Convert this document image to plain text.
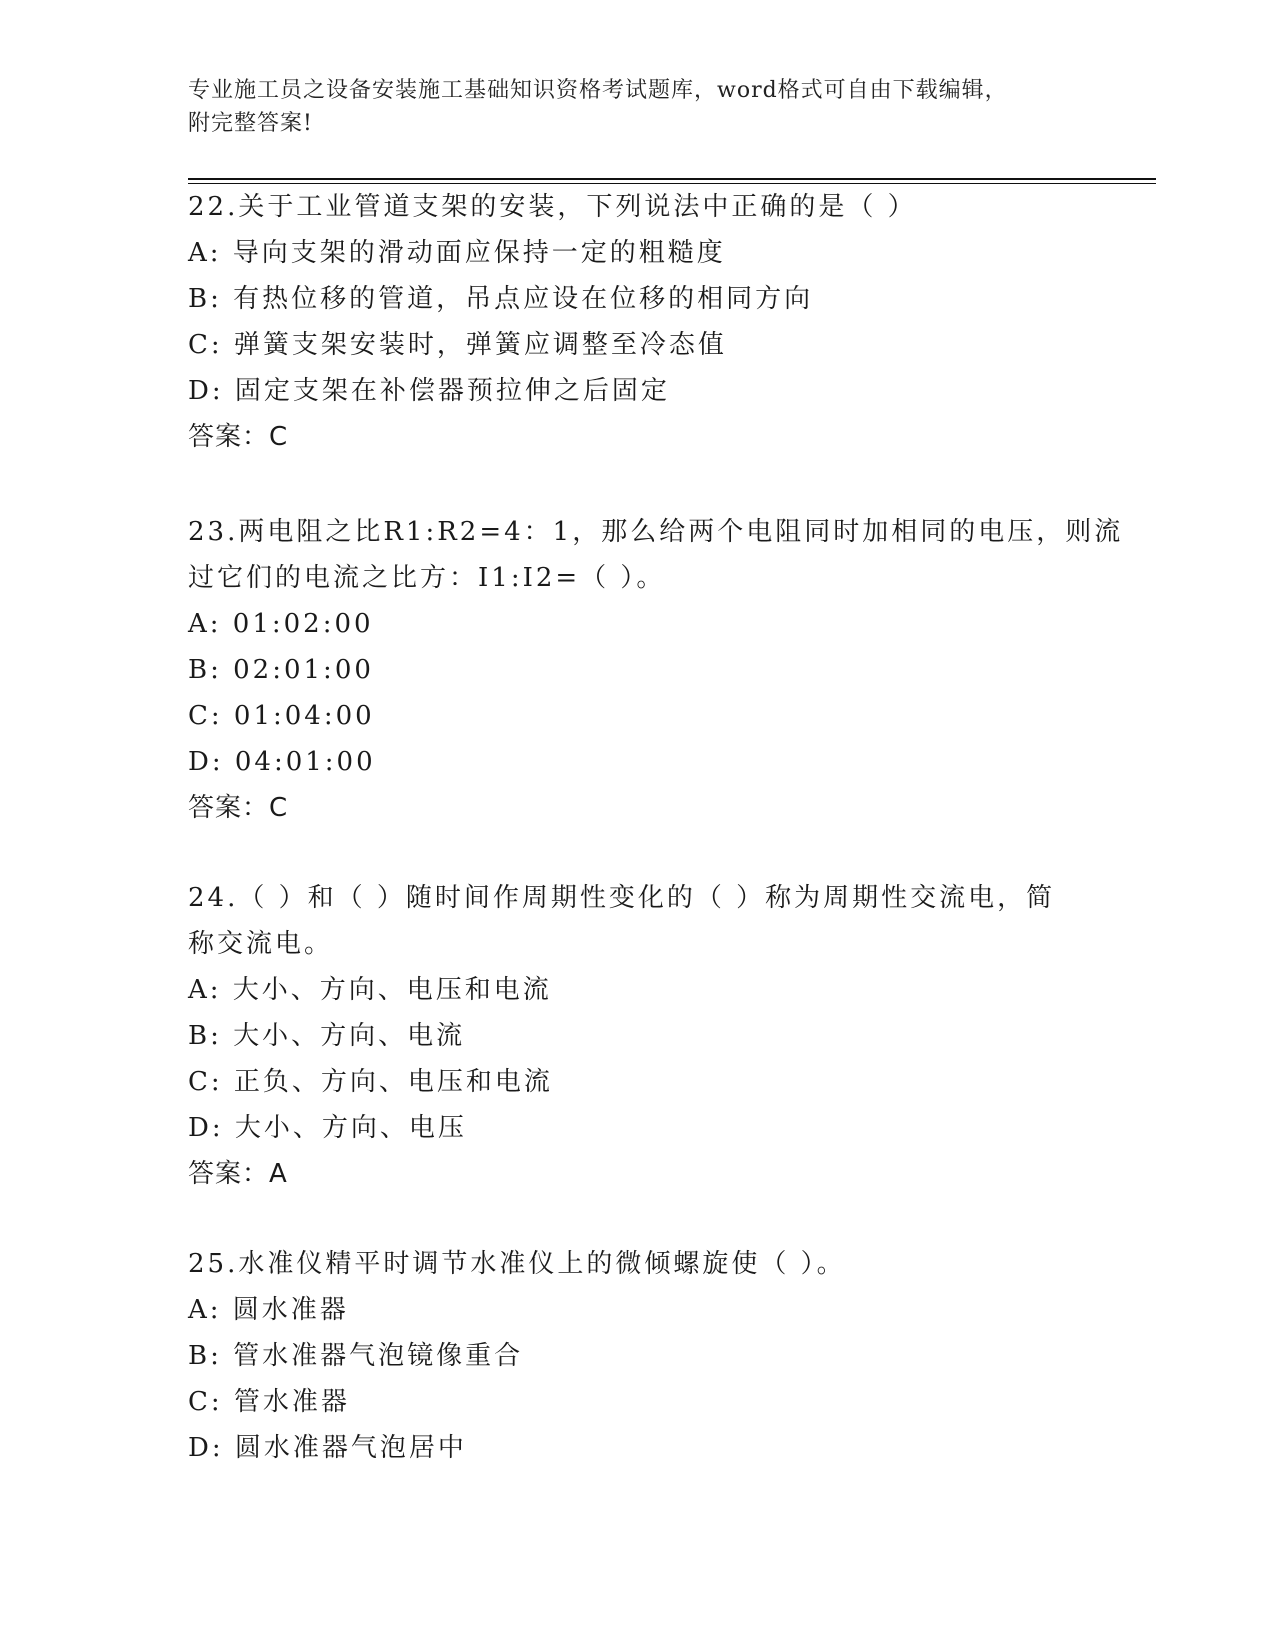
专业施工员之设备安装施工基础知识资格考试题库，word格式可自由下载编辑，
附完整答案!
22.关于工业管道支架的安装，下列说法中正确的是（ ）
A: 导向支架的滑动面应保持一定的粗糙度
B: 有热位移的管道，吊点应设在位移的相同方向
C: 弹簧支架安装时，弹簧应调整至冷态值
D: 固定支架在补偿器预拉伸之后固定
答案：C
23.两电阻之比R1:R2=4：1，那么给两个电阻同时加相同的电压，则流
过它们的电流之比方：I1:I2=（ ）。
A: 01:02:00
B: 02:01:00
C: 01:04:00
D: 04:01:00
答案：C
24.（ ）和（ ）随时间作周期性变化的（ ）称为周期性交流电，简
称交流电。
A: 大小、方向、电压和电流
B: 大小、方向、电流
C: 正负、方向、电压和电流
D: 大小、方向、电压
答案：A
25.水准仪精平时调节水准仪上的微倾螺旋使（ ）。
A: 圆水准器
B: 管水准器气泡镜像重合
C: 管水准器
D: 圆水准器气泡居中
